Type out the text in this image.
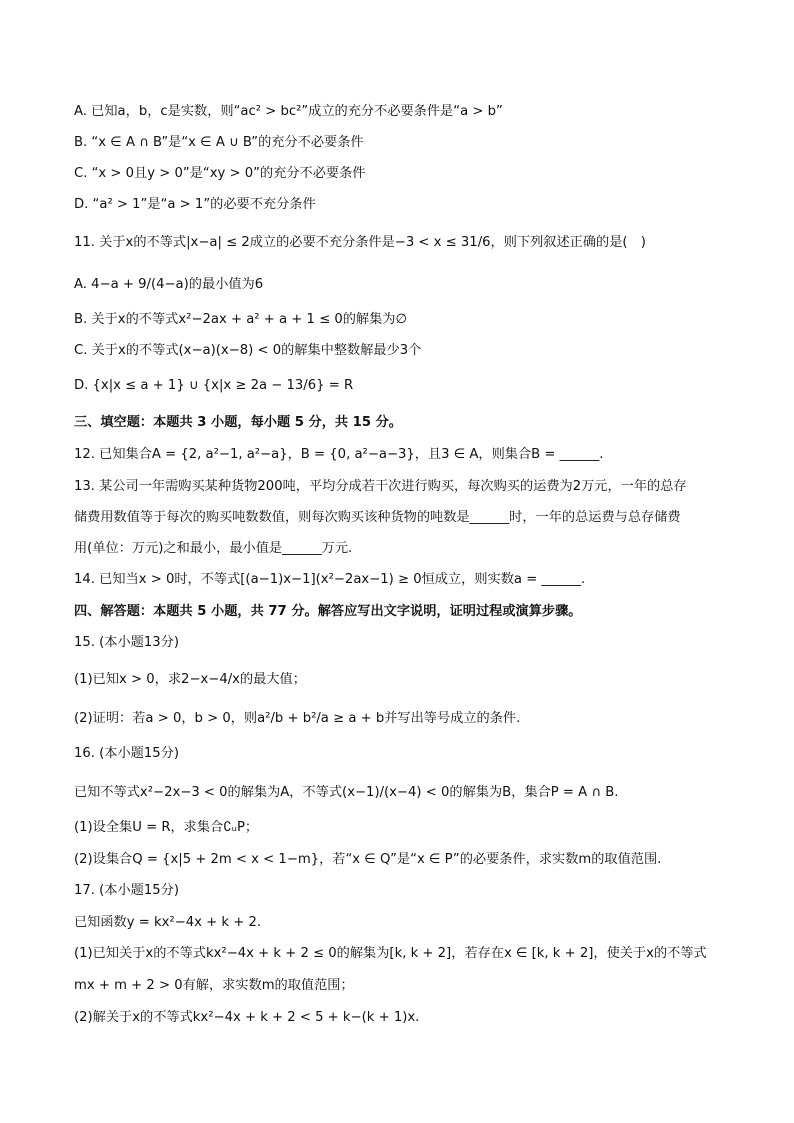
A. 已知a，b，c是实数，则“ac² > bc²”成立的充分不必要条件是“a > b”
B. “x ∈ A ∩ B”是“x ∈ A ∪ B”的充分不必要条件
C. “x > 0且y > 0”是“xy > 0”的充分不必要条件
D. “a² > 1”是“a > 1”的必要不充分条件
11. 关于x的不等式|x−a| ≤ 2成立的必要不充分条件是−3 < x ≤ 31/6，则下列叙述正确的是(　)
A. 4−a + 9/(4−a)的最小值为6
B. 关于x的不等式x²−2ax + a² + a + 1 ≤ 0的解集为∅
C. 关于x的不等式(x−a)(x−8) < 0的解集中整数解最少3个
D. {x|x ≤ a + 1} ∪ {x|x ≥ 2a − 13/6} = R
三、填空题：本题共 3 小题，每小题 5 分，共 15 分。
12. 已知集合A = {2, a²−1, a²−a}，B = {0, a²−a−3}，且3 ∈ A，则集合B = ______.
13. 某公司一年需购买某种货物200吨，平均分成若干次进行购买，每次购买的运费为2万元，一年的总存
储费用数值等于每次的购买吨数数值，则每次购买该种货物的吨数是______时，一年的总运费与总存储费
用(单位：万元)之和最小，最小值是______万元.
14. 已知当x > 0时，不等式[(a−1)x−1](x²−2ax−1) ≥ 0恒成立，则实数a = ______.
四、解答题：本题共 5 小题，共 77 分。解答应写出文字说明，证明过程或演算步骤。
15. (本小题13分)
(1)已知x > 0，求2−x−4/x的最大值；
(2)证明：若a > 0，b > 0，则a²/b + b²/a ≥ a + b并写出等号成立的条件.
16. (本小题15分)
已知不等式x²−2x−3 < 0的解集为A，不等式(x−1)/(x−4) < 0的解集为B，集合P = A ∩ B.
(1)设全集U = R，求集合∁ᵤP；
(2)设集合Q = {x|5 + 2m < x < 1−m}，若“x ∈ Q”是“x ∈ P”的必要条件，求实数m的取值范围.
17. (本小题15分)
已知函数y = kx²−4x + k + 2.
(1)已知关于x的不等式kx²−4x + k + 2 ≤ 0的解集为[k, k + 2]，若存在x ∈ [k, k + 2]，使关于x的不等式
mx + m + 2 > 0有解，求实数m的取值范围；
(2)解关于x的不等式kx²−4x + k + 2 < 5 + k−(k + 1)x.
